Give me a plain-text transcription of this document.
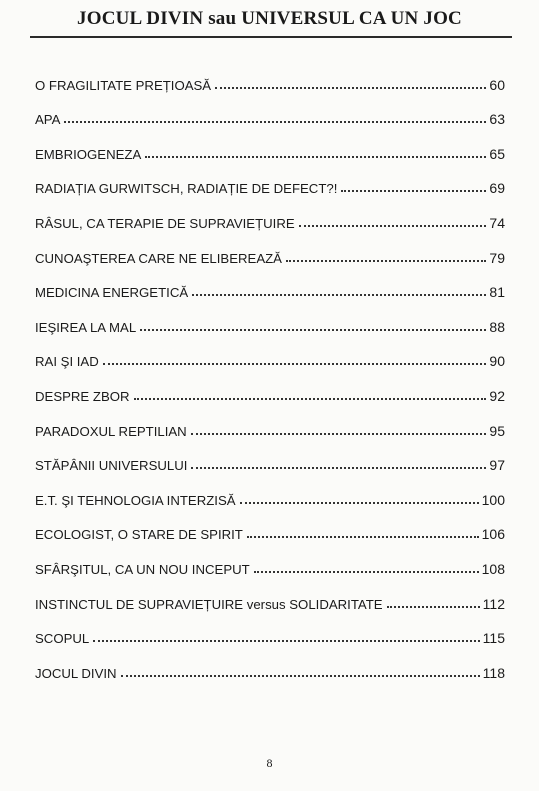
JOCUL DIVIN sau UNIVERSUL CA UN JOC
O FRAGILITATE PREȚIOASĂ	60
APA	63
EMBRIOGENEZA	65
RADIAȚIA GURWITSCH, RADIAȚIE DE DEFECT?!	69
RÂSUL, CA TERAPIE DE SUPRAVIEȚUIRE	74
CUNOAŞTEREA CARE NE ELIBEREAZĂ	79
MEDICINA ENERGETICĂ	81
IEŞIREA LA MAL	88
RAI ŞI IAD	90
DESPRE ZBOR	92
PARADOXUL REPTILIAN	95
STĂPÂNII UNIVERSULUI	97
E.T. ŞI TEHNOLOGIA INTERZISĂ	100
ECOLOGIST, O STARE DE SPIRIT	106
SFÂRŞITUL, CA UN NOU INCEPUT	108
INSTINCTUL DE SUPRAVIEȚUIRE versus SOLIDARITATE	112
SCOPUL	115
JOCUL DIVIN	118
8
